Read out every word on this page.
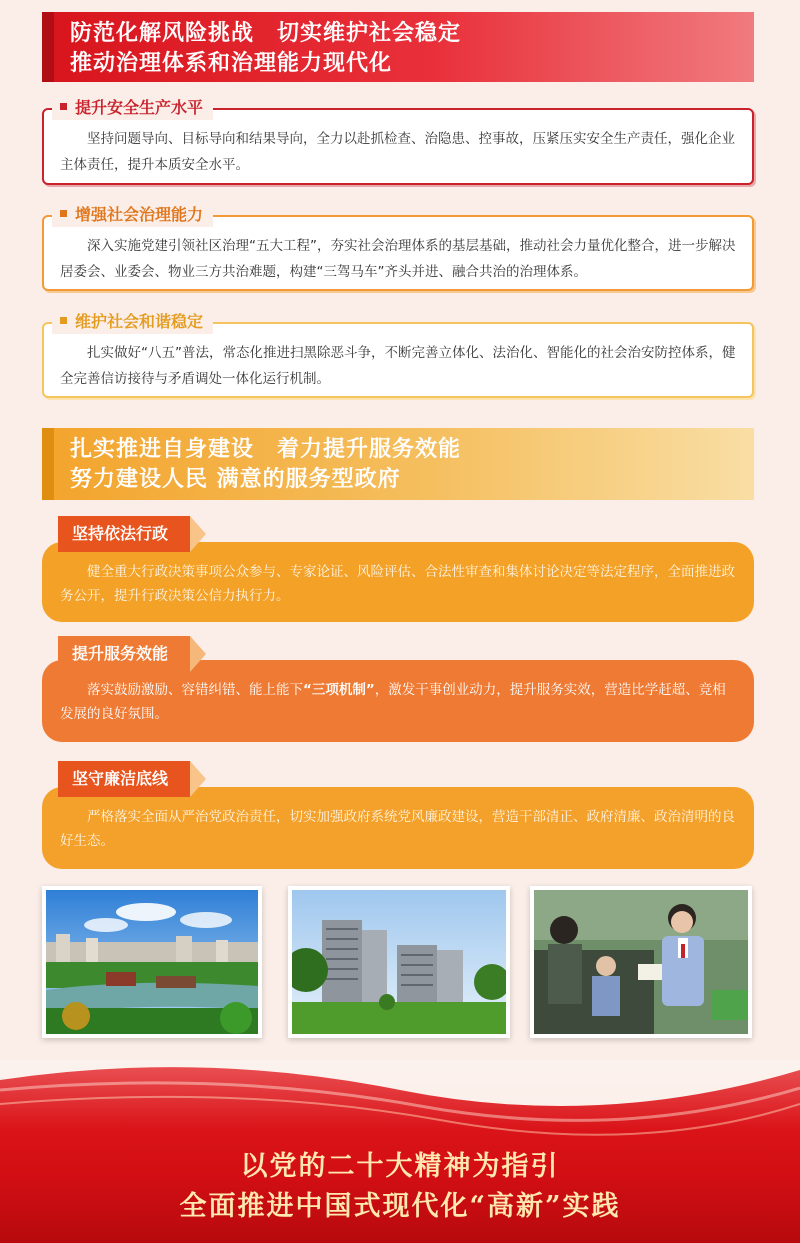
防范化解风险挑战　切实维护社会稳定
推动治理体系和治理能力现代化
坚持问题导向、目标导向和结果导向，全力以赴抓检查、治隐患、控事故，压紧压实安全生产责任，强化企业主体责任，提升本质安全水平。
提升安全生产水平
深入实施党建引领社区治理“五大工程”，夯实社会治理体系的基层基础，推动社会力量优化整合，进一步解决居委会、业委会、物业三方共治难题，构建“三驾马车”齐头并进、融合共治的治理体系。
增强社会治理能力
扎实做好“八五”普法，常态化推进扫黑除恶斗争，不断完善立体化、法治化、智能化的社会治安防控体系，健全完善信访接待与矛盾调处一体化运行机制。
维护社会和谐稳定
扎实推进自身建设　着力提升服务效能
努力建设人民 满意的服务型政府
健全重大行政决策事项公众参与、专家论证、风险评估、合法性审查和集体讨论决定等法定程序，全面推进政务公开，提升行政决策公信力执行力。
坚持依法行政
落实鼓励激励、容错纠错、能上能下“三项机制”，激发干事创业动力，提升服务实效，营造比学赶超、竞相发展的良好氛围。
提升服务效能
严格落实全面从严治党政治责任，切实加强政府系统党风廉政建设，营造干部清正、政府清廉、政治清明的良好生态。
坚守廉洁底线
以党的二十大精神为指引
全面推进中国式现代化“高新”实践
